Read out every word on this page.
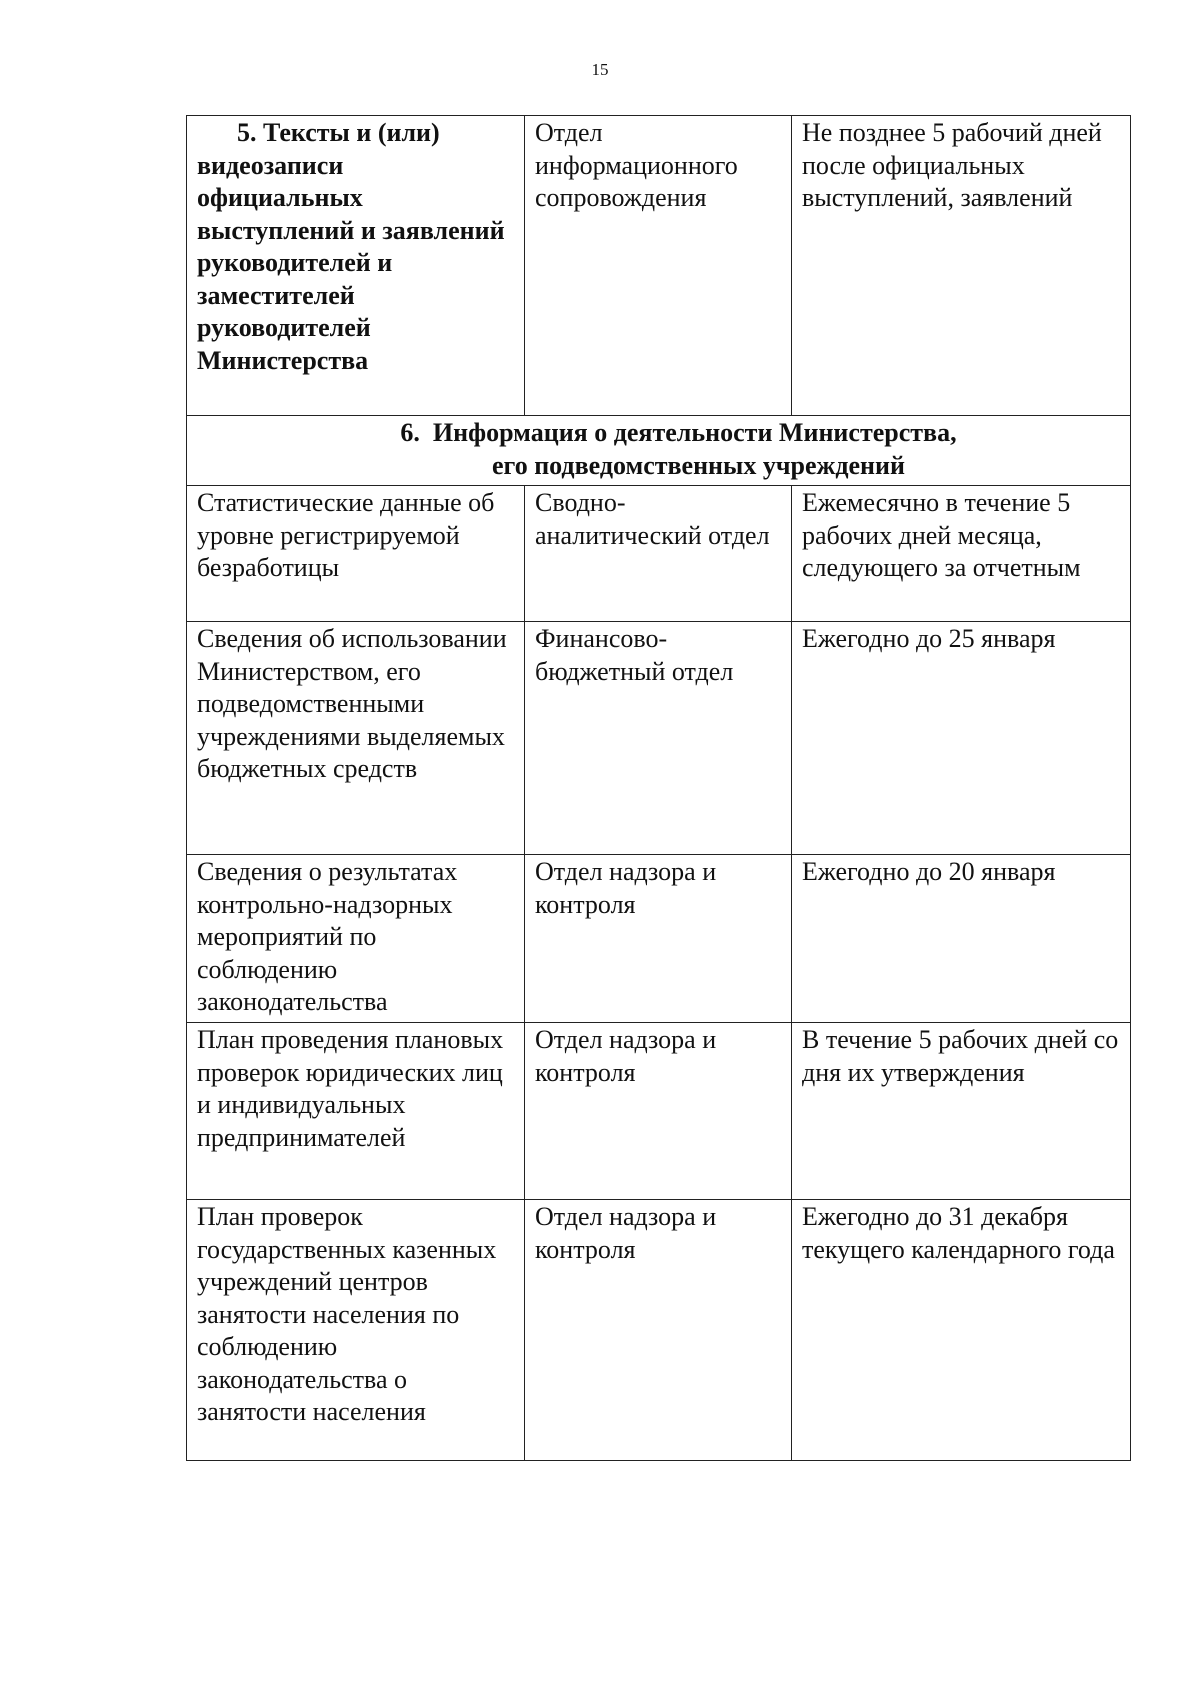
15
5. Тексты и (или) видеозаписи официальных выступлений и заявлений руководителей и заместителей руководителей Министерства	Отдел информационного сопровождения	Не позднее 5 рабочий дней после официальных выступлений, заявлений

6. Информация о деятельности Министерства,
его подведомственных учреждений		

Статистические данные об уровне регистрируемой безработицы	Сводно-аналитический отдел	Ежемесячно в течение 5 рабочих дней месяца, следующего за отчетным
Сведения об использовании Министерством, его подведомственными учреждениями выделяемых бюджетных средств	Финансово-бюджетный отдел	Ежегодно до 25 января
Сведения о результатах контрольно-надзорных мероприятий по соблюдению законодательства	Отдел надзора и контроля	Ежегодно до 20 января
План проведения плановых проверок юридических лиц и индивидуальных предпринимателей	Отдел надзора и контроля	В течение 5 рабочих дней со дня их утверждения
План проверок государственных казенных учреждений центров занятости населения по соблюдению законодательства о занятости населения	Отдел надзора и контроля	Ежегодно до 31 декабря текущего календарного года
